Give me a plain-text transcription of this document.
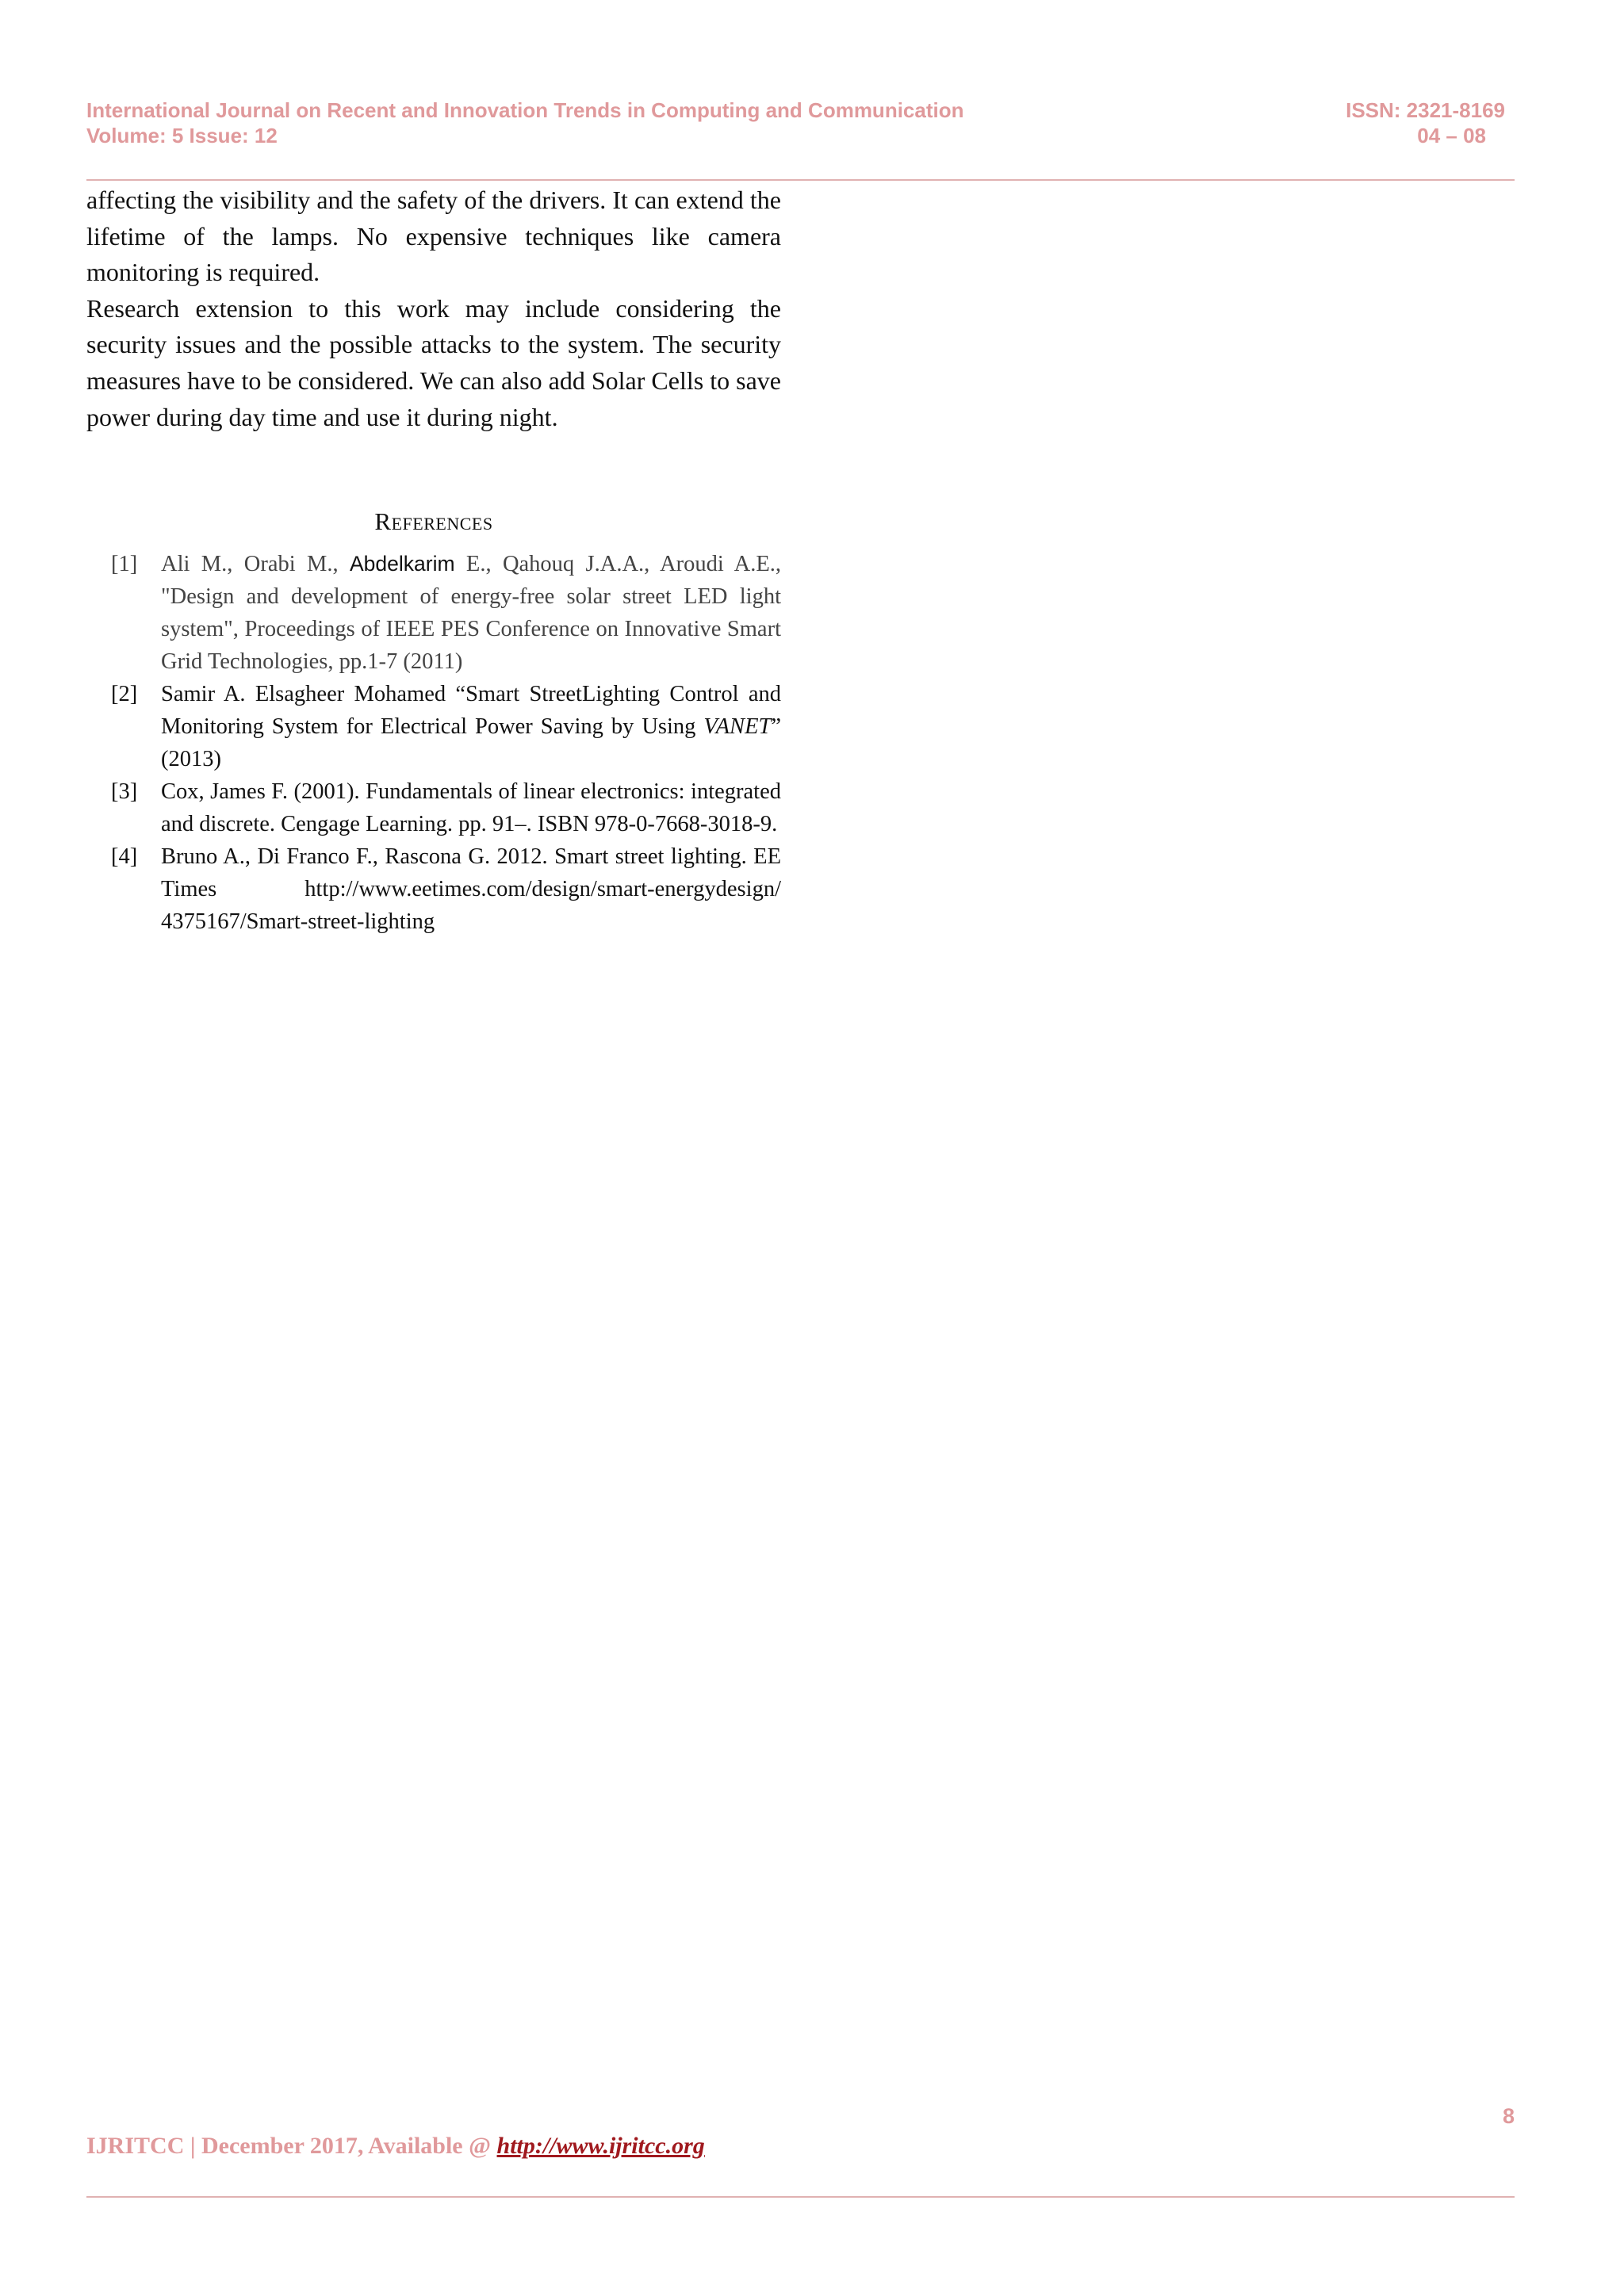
International Journal on Recent and Innovation Trends in Computing and Communication
Volume: 5 Issue: 12
ISSN: 2321-8169
04 – 08

affecting the visibility and the safety of the drivers. It can extend the lifetime of the lamps. No expensive techniques like camera monitoring is required.

Research extension to this work may include considering the security issues and the possible attacks to the system. The security measures have to be considered. We can also add Solar Cells to save power during day time and use it during night.

References
[1] Ali M., Orabi M., Abdelkarim E., Qahouq J.A.A., Aroudi A.E., "Design and development of energy-free solar street LED light system", Proceedings of IEEE PES Conference on Innovative Smart Grid Technologies, pp.1-7 (2011)
[2] Samir A. Elsagheer Mohamed “Smart StreetLighting Control and Monitoring System for Electrical Power Saving by Using VANET” (2013)
[3] Cox, James F. (2001). Fundamentals of linear electronics: integrated and discrete. Cengage Learning. pp. 91–. ISBN 978-0-7668-3018-9.
[4] Bruno A., Di Franco F., Rascona G. 2012. Smart street lighting. EE Times http://www.eetimes.com/design/smart-energydesign/ 4375167/Smart-street-lighting
8
IJRITCC | December 2017, Available @ http://www.ijritcc.org
